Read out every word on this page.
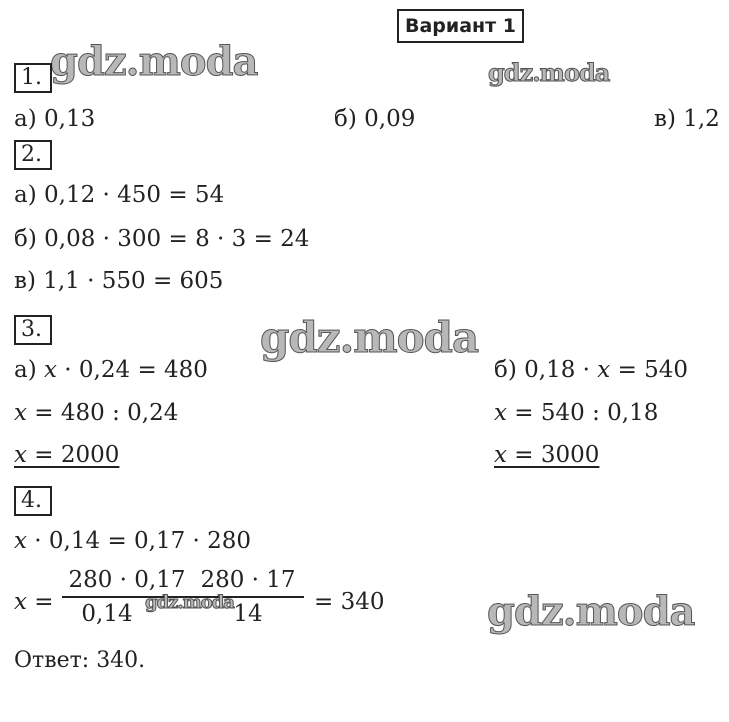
Вариант 1
gdz.moda	gdz.moda
gdz.moda
gdz.moda	gdz.moda
1.
а) 0,13	б) 0,09	в) 1,2
2.
а) 0,12 · 450 = 54
б) 0,08 · 300 = 8 · 3 = 24
в) 1,1 · 550 = 605
3.
а) x · 0,24 = 480
x = 480 : 0,24
x = 2000
б) 0,18 · x = 540
x = 540 : 0,18
x = 3000
4.
x · 0,14 = 0,17 · 280
x =
280 · 0,17
0,14
280 · 17
14	= 340
Ответ: 340.
